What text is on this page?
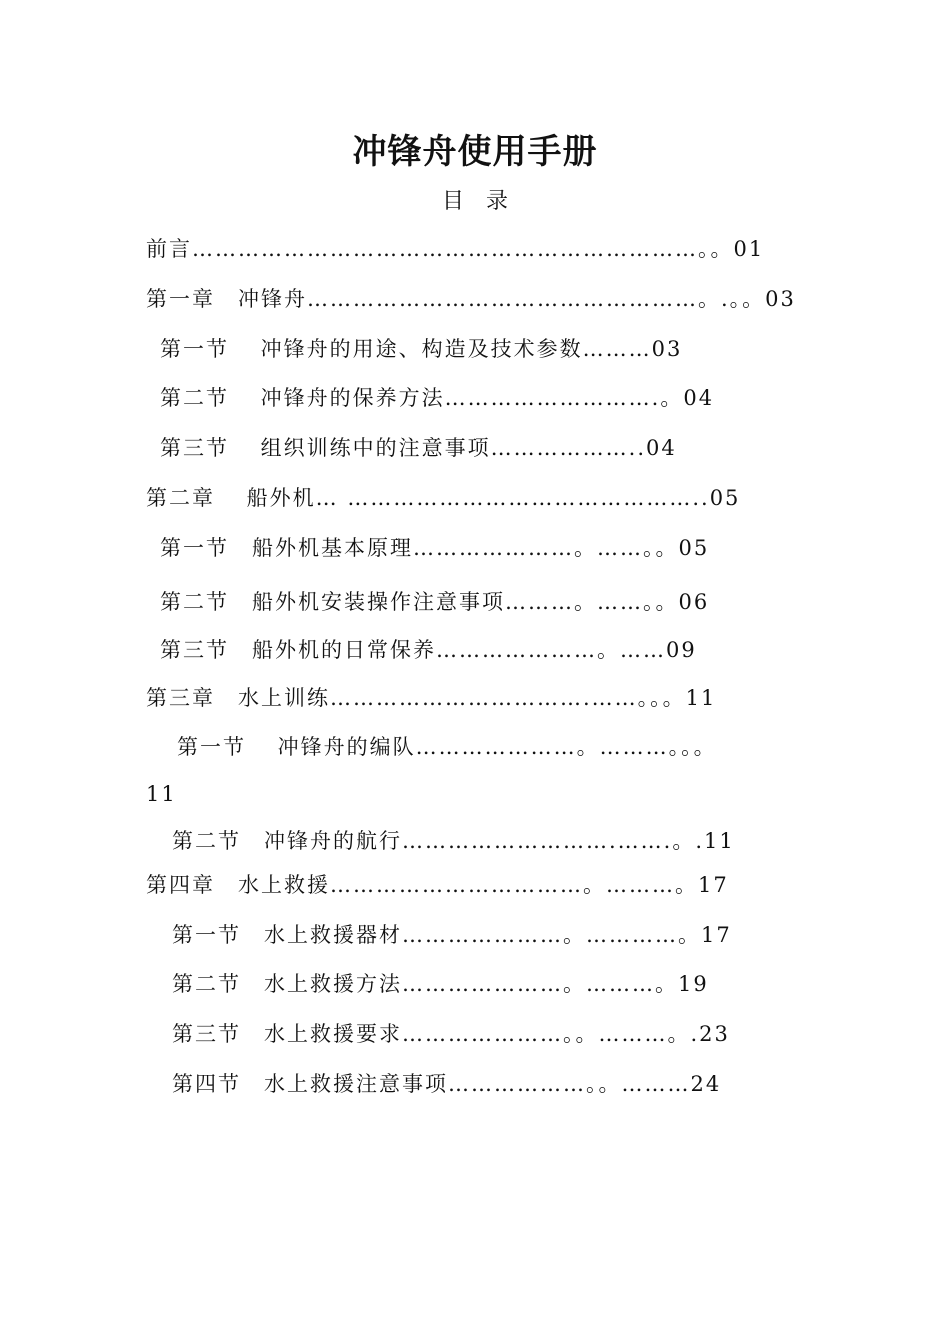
冲锋舟使用手册
目　录
前言…………………………………………………………。。01
第一章　冲锋舟……………………………………………。.。。03
第一节　 冲锋舟的用途、构造及技术参数………03
第二节　 冲锋舟的保养方法……………………….。04
第三节　 组织训练中的注意事项………………..04
第二章　 船外机… ………………………………………..05
第一节　船外机基本原理…………………。……。。05
第二节　船外机安装操作注意事项………。……。。06
第三节　船外机的日常保养…………………。……09
第三章　水上训练…………………………….……。。。11
第一节　 冲锋舟的编队…………………。………。。。
11
第二节　冲锋舟的航行……………………….…….。.11
第四章　水上救援……………………………。………。17
第一节　水上救援器材…………………。…………。17
第二节　水上救援方法…………………。………。19
第三节　水上救援要求…………………。。………。.23
第四节　水上救援注意事项………………。。………24
